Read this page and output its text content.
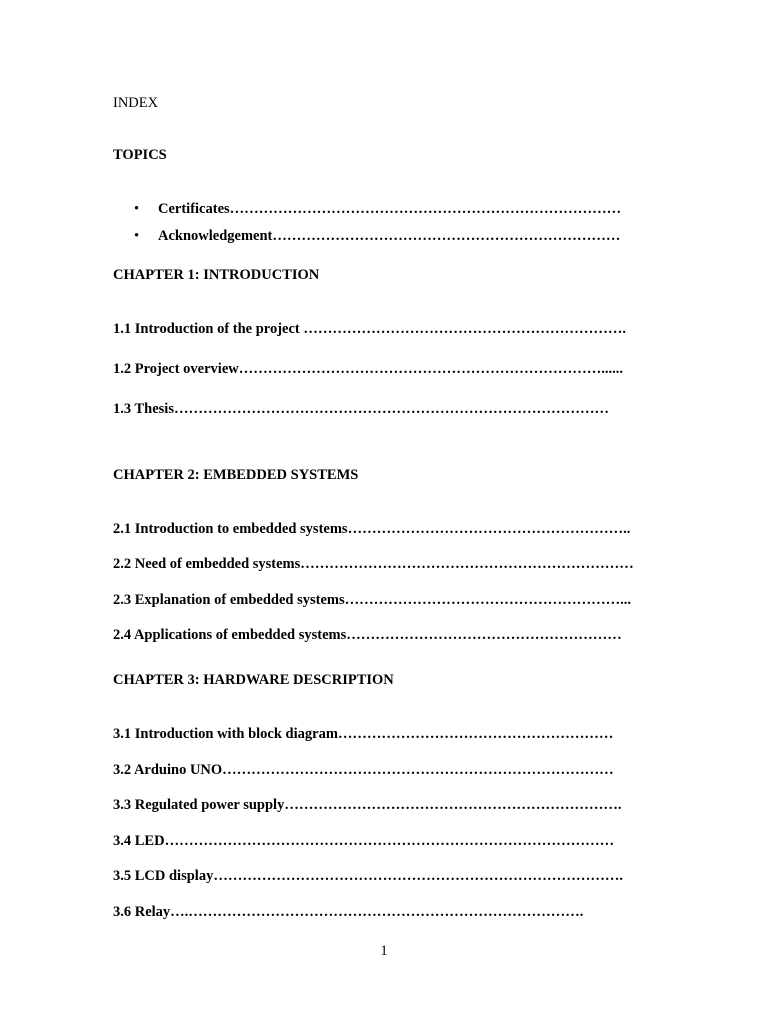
INDEX
TOPICS
• Certificates………………………………………………………………………
• Acknowledgement………………………………………………………………
CHAPTER 1: INTRODUCTION
1.1 Introduction of the project ………………………………………………………….
1.2 Project overview…………………………………………………………………......
1.3 Thesis………………………………………………………………………………
CHAPTER 2: EMBEDDED SYSTEMS
2.1 Introduction to embedded systems…………………………………………………..
2.2 Need of embedded systems……………………………………………………………
2.3 Explanation of embedded systems…………………………………………………...
2.4 Applications of embedded systems…………………………………………………
CHAPTER 3: HARDWARE DESCRIPTION
3.1 Introduction with block diagram…………………………………………………
3.2 Arduino UNO………………………………………………………………………
3.3 Regulated power supply…………………………………………………………….
3.4 LED…………………………………………………………………………………
3.5 LCD display………………………………………………………………………….
3.6 Relay….……………………………………………………………………….
1
